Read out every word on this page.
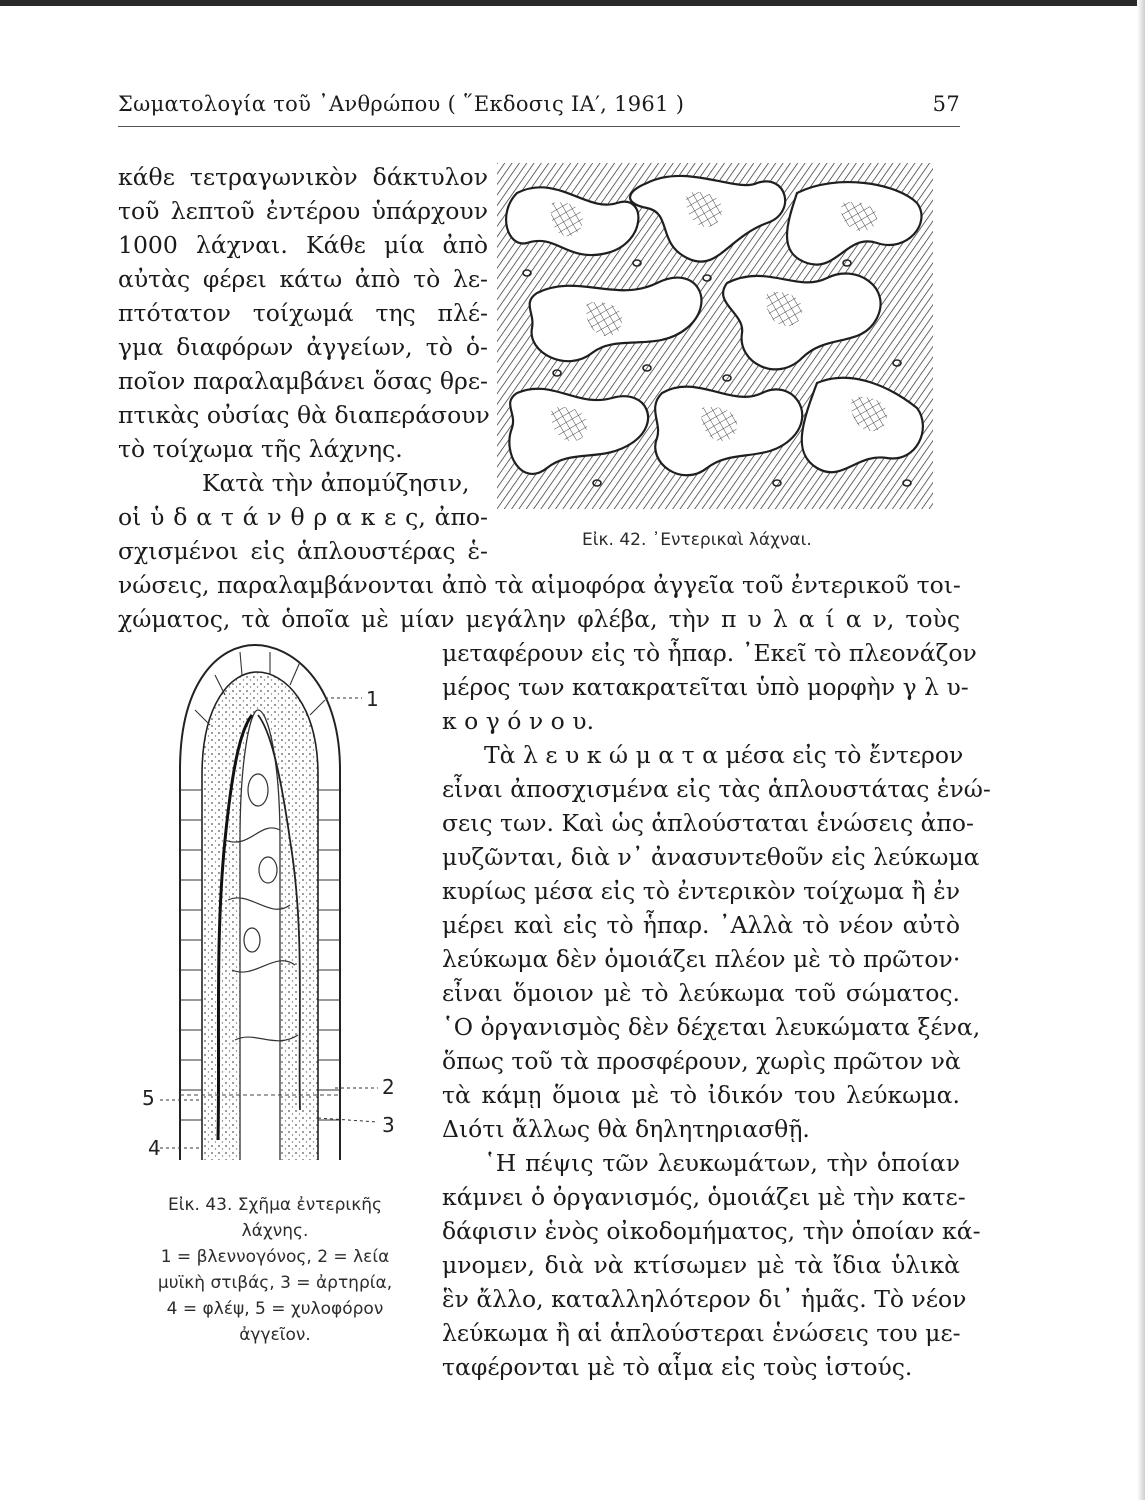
Σωματολογία τοῦ ᾿Ανθρώπου ( ῞Εκδοσις ΙΑ′, 1961 )	57
κάθε τετραγωνικὸν δάκτυλον
τοῦ λεπτοῦ ἐντέρου ὑπάρχουν
1000 λάχναι. Κάθε μία ἀπὸ
αὐτὰς φέρει κάτω ἀπὸ τὸ λε-
πτότατον τοίχωμά της πλέ-
γμα διαφόρων ἀγγείων, τὸ ὁ-
ποῖον παραλαμβάνει ὅσας θρε-
πτικὰς οὐσίας θὰ διαπεράσουν
τὸ τοίχωμα τῆς λάχνης.
Κατὰ τὴν ἀπομύζησιν,
οἱ ὑ δ α τ ά ν θ ρ α κ ε ς, ἀπο-
σχισμένοι εἰς ἁπλουστέρας ἑ-	Εἰκ. 42. ᾿Εντερικαὶ λάχναι.
νώσεις, παραλαμβάνονται ἀπὸ τὰ αἱμοφόρα ἀγγεῖα τοῦ ἐντερικοῦ τοι-
χώματος, τὰ ὁποῖα μὲ μίαν μεγάλην φλέβα, τὴν π υ λ α ί α ν, τοὺς
1
2
3
5
4
Εἰκ. 43. Σχῆμα ἐντερικῆς
λάχνης.
1 = βλεννογόνος, 2 = λεία
μυϊκὴ στιβάς, 3 = ἀρτηρία,
4 = φλέψ, 5 = χυλοφόρον
ἀγγεῖον.
μεταφέρουν εἰς τὸ ἧπαρ. ᾿Εκεῖ τὸ πλεονάζον
μέρος των κατακρατεῖται ὑπὸ μορφὴν γ λ υ-
κ ο γ ό ν ο υ.
Τὰ λ ε υ κ ώ μ α τ α μέσα εἰς τὸ ἔντερον
εἶναι ἀποσχισμένα εἰς τὰς ἁπλουστάτας ἑνώ-
σεις των. Καὶ ὡς ἁπλούσταται ἑνώσεις ἀπο-
μυζῶνται, διὰ ν᾿ ἀνασυντεθοῦν εἰς λεύκωμα
κυρίως μέσα εἰς τὸ ἐντερικὸν τοίχωμα ἢ ἐν
μέρει καὶ εἰς τὸ ἧπαρ. ᾿Αλλὰ τὸ νέον αὐτὸ
λεύκωμα δὲν ὁμοιάζει πλέον μὲ τὸ πρῶτον·
εἶναι ὅμοιον μὲ τὸ λεύκωμα τοῦ σώματος.
῾Ο ὀργανισμὸς δὲν δέχεται λευκώματα ξένα,
ὅπως τοῦ τὰ προσφέρουν, χωρὶς πρῶτον νὰ
τὰ κάμῃ ὅμοια μὲ τὸ ἰδικόν του λεύκωμα.
Διότι ἄλλως θὰ δηλητηριασθῇ.
῾Η πέψις τῶν λευκωμάτων, τὴν ὁποίαν
κάμνει ὁ ὀργανισμός, ὁμοιάζει μὲ τὴν κατε-
δάφισιν ἑνὸς οἰκοδομήματος, τὴν ὁποίαν κά-
μνομεν, διὰ νὰ κτίσωμεν μὲ τὰ ἴδια ὑλικὰ
ἓν ἄλλο, καταλληλότερον δι᾿ ἡμᾶς. Τὸ νέον
λεύκωμα ἢ αἱ ἁπλούστεραι ἑνώσεις του με-
ταφέρονται μὲ τὸ αἷμα εἰς τοὺς ἱστούς.
